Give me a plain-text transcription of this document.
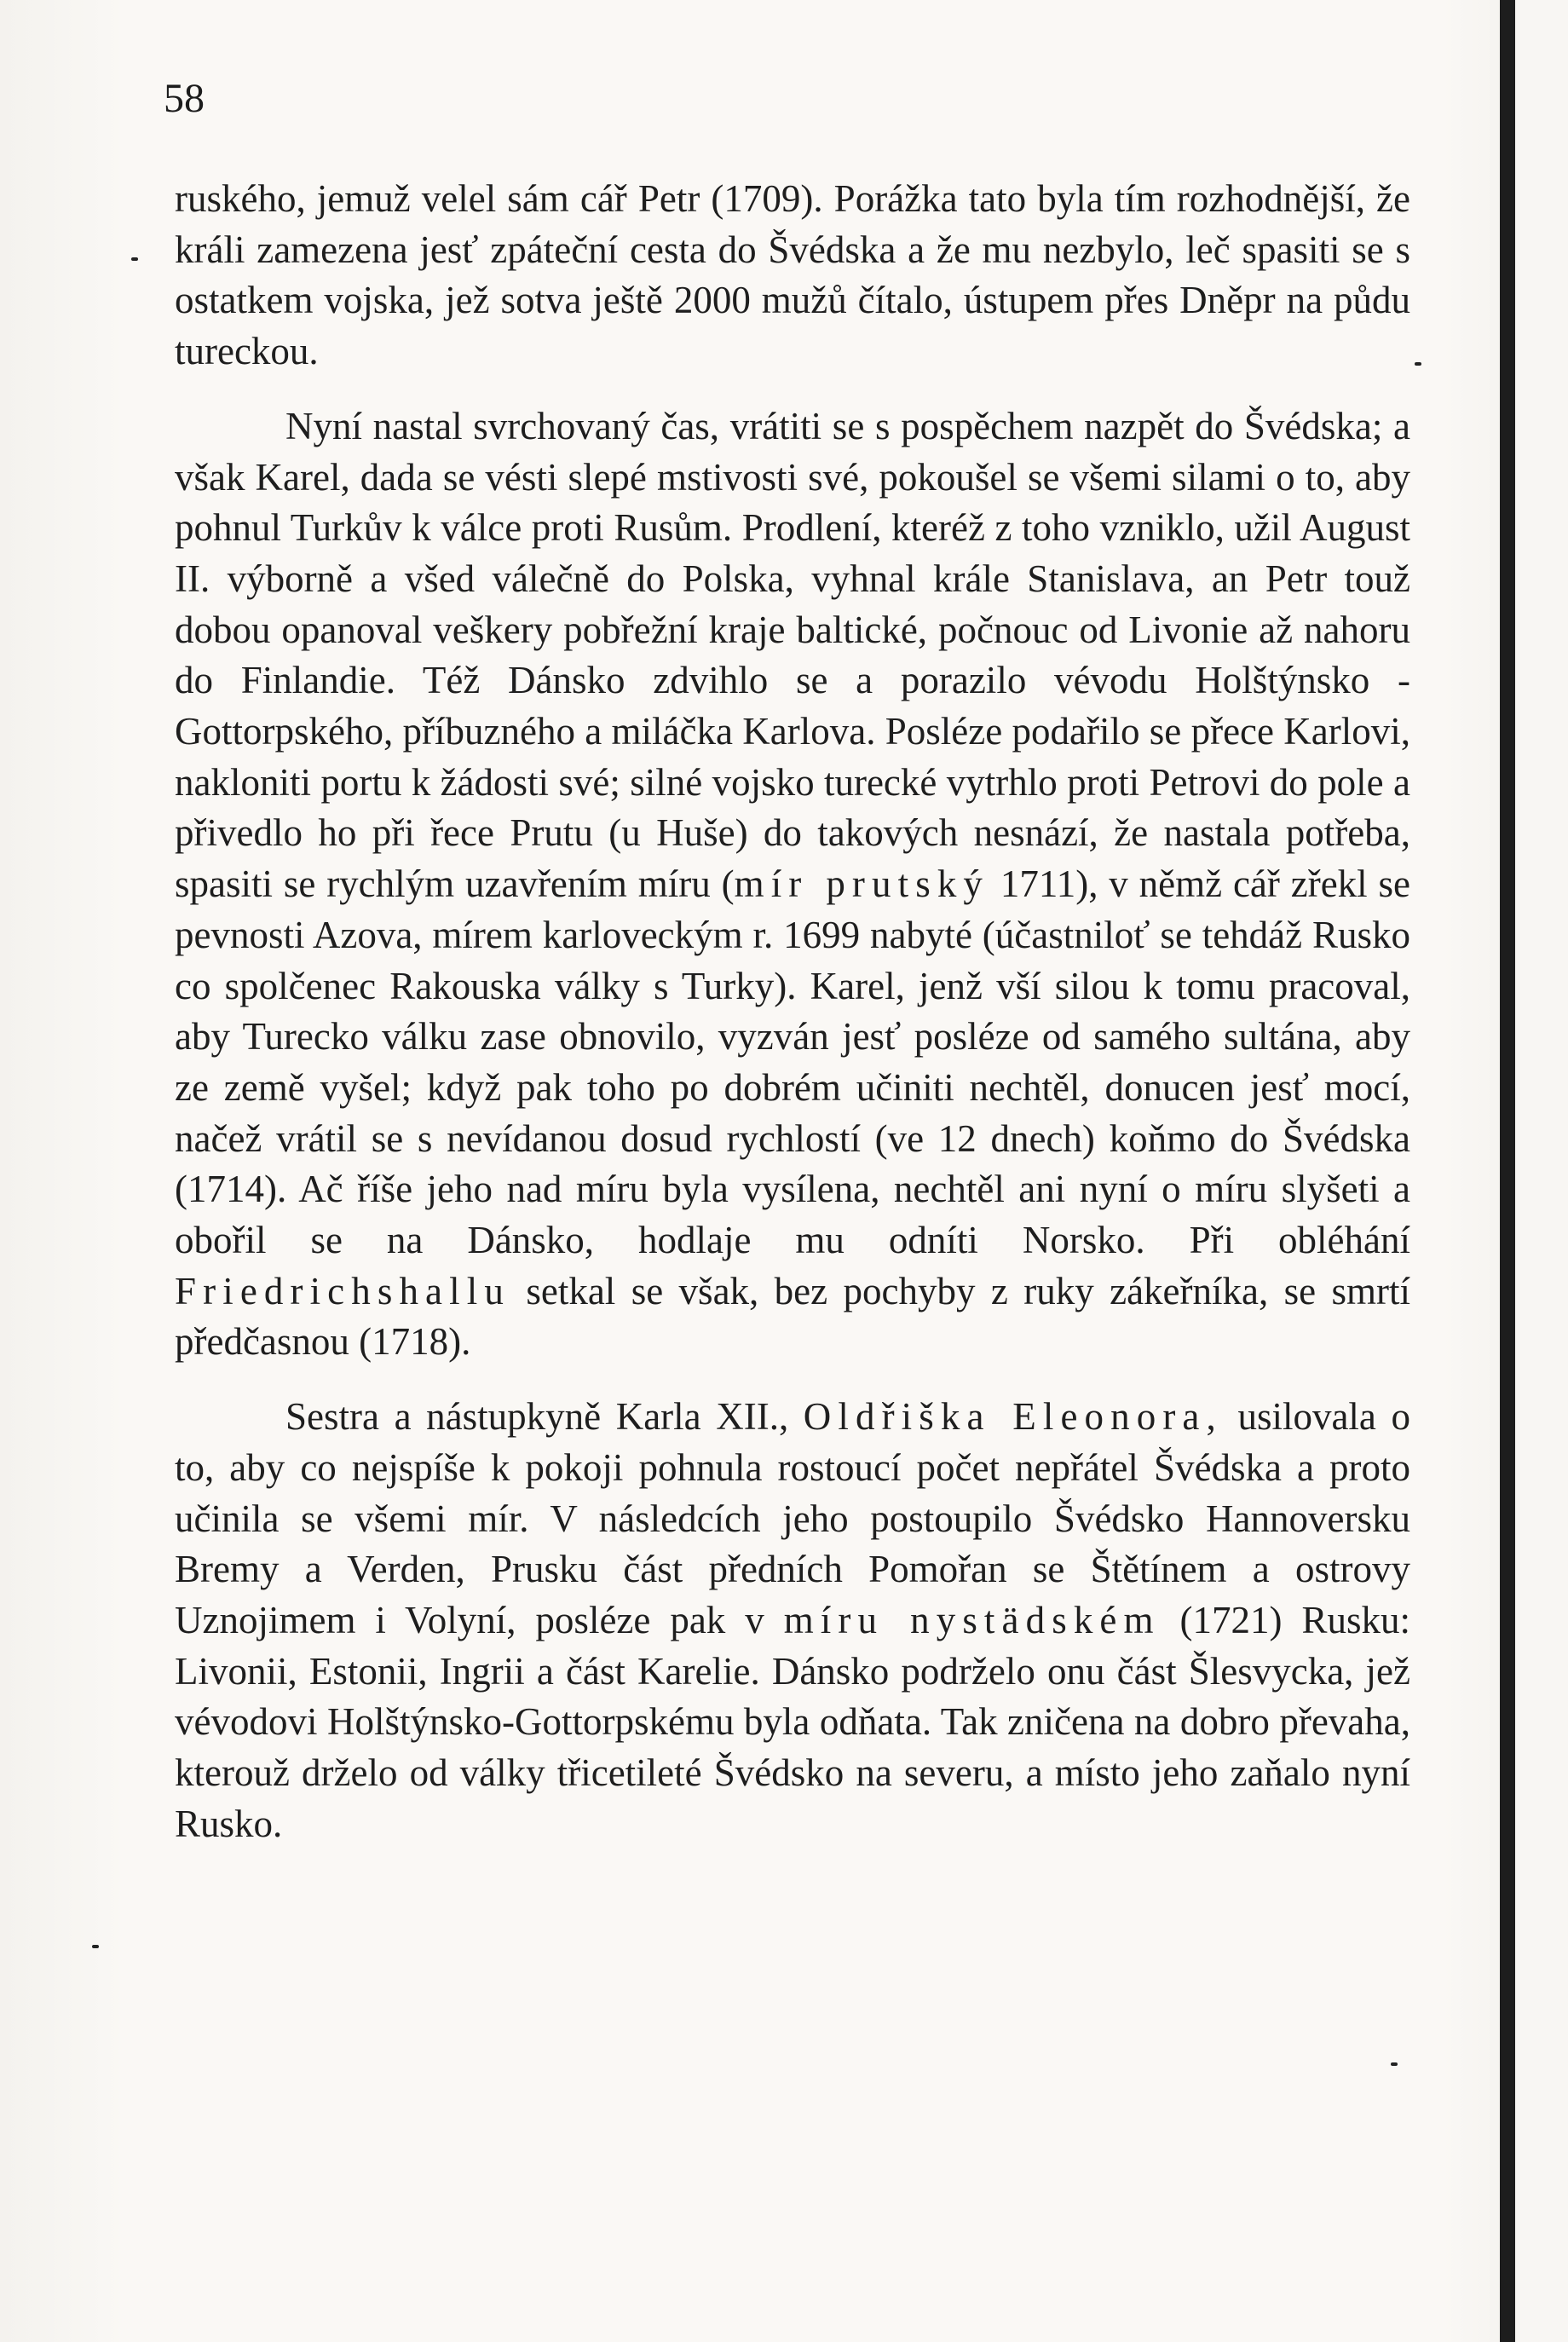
58

ruského, jemuž velel sám cář Petr (1709). Porážka tato byla tím rozhodnější, že králi zamezena jesť zpáteční cesta do Švédska a že mu nezbylo, leč spasiti se s ostatkem vojska, jež sotva ještě 2000 mužů čítalo, ústupem přes Dněpr na půdu tureckou.

Nyní nastal svrchovaný čas, vrátiti se s pospěchem nazpět do Švédska; a však Karel, dada se vésti slepé mstivosti své, pokoušel se všemi silami o to, aby pohnul Turkův k válce proti Rusům. Prodlení, kteréž z toho vzniklo, užil August II. výborně a všed válečně do Polska, vyhnal krále Stanislava, an Petr touž dobou opanoval veškery pobřežní kraje baltické, počnouc od Livonie až nahoru do Finlandie. Též Dánsko zdvihlo se a porazilo vévodu Holštýnsko - Gottorpského, příbuzného a miláčka Karlova. Posléze podařilo se přece Karlovi, nakloniti portu k žádosti své; silné vojsko turecké vytrhlo proti Petrovi do pole a přivedlo ho při řece Prutu (u Huše) do takových nesnází, že nastala potřeba, spasiti se rychlým uzavřením míru (mír prutský 1711), v němž cář zřekl se pevnosti Azova, mírem karloveckým r. 1699 nabyté (účastniloť se tehdáž Rusko co spolčenec Rakouska války s Turky). Karel, jenž vší silou k tomu pracoval, aby Turecko válku zase obnovilo, vyzván jesť posléze od samého sultána, aby ze země vyšel; když pak toho po dobrém učiniti nechtěl, donucen jesť mocí, načež vrátil se s nevídanou dosud rychlostí (ve 12 dnech) koňmo do Švédska (1714). Ač říše jeho nad míru byla vysílena, nechtěl ani nyní o míru slyšeti a obořil se na Dánsko, hodlaje mu odníti Norsko. Při obléhání Friedrichshallu setkal se však, bez pochyby z ruky zákeřníka, se smrtí předčasnou (1718).

Sestra a nástupkyně Karla XII., Oldřiška Eleonora, usilovala o to, aby co nejspíše k pokoji pohnula rostoucí počet nepřátel Švédska a proto učinila se všemi mír. V následcích jeho postoupilo Švédsko Hannoversku Bremy a Verden, Prusku část předních Pomořan se Štětínem a ostrovy Uznojimem i Volyní, posléze pak v míru nystädském (1721) Rusku: Livonii, Estonii, Ingrii a část Karelie. Dánsko podrželo onu část Šlesvycka, jež vévodovi Holštýnsko-Gottorpskému byla odňata. Tak zničena na dobro převaha, kterouž drželo od války třicetileté Švédsko na severu, a místo jeho zaňalo nyní Rusko.
